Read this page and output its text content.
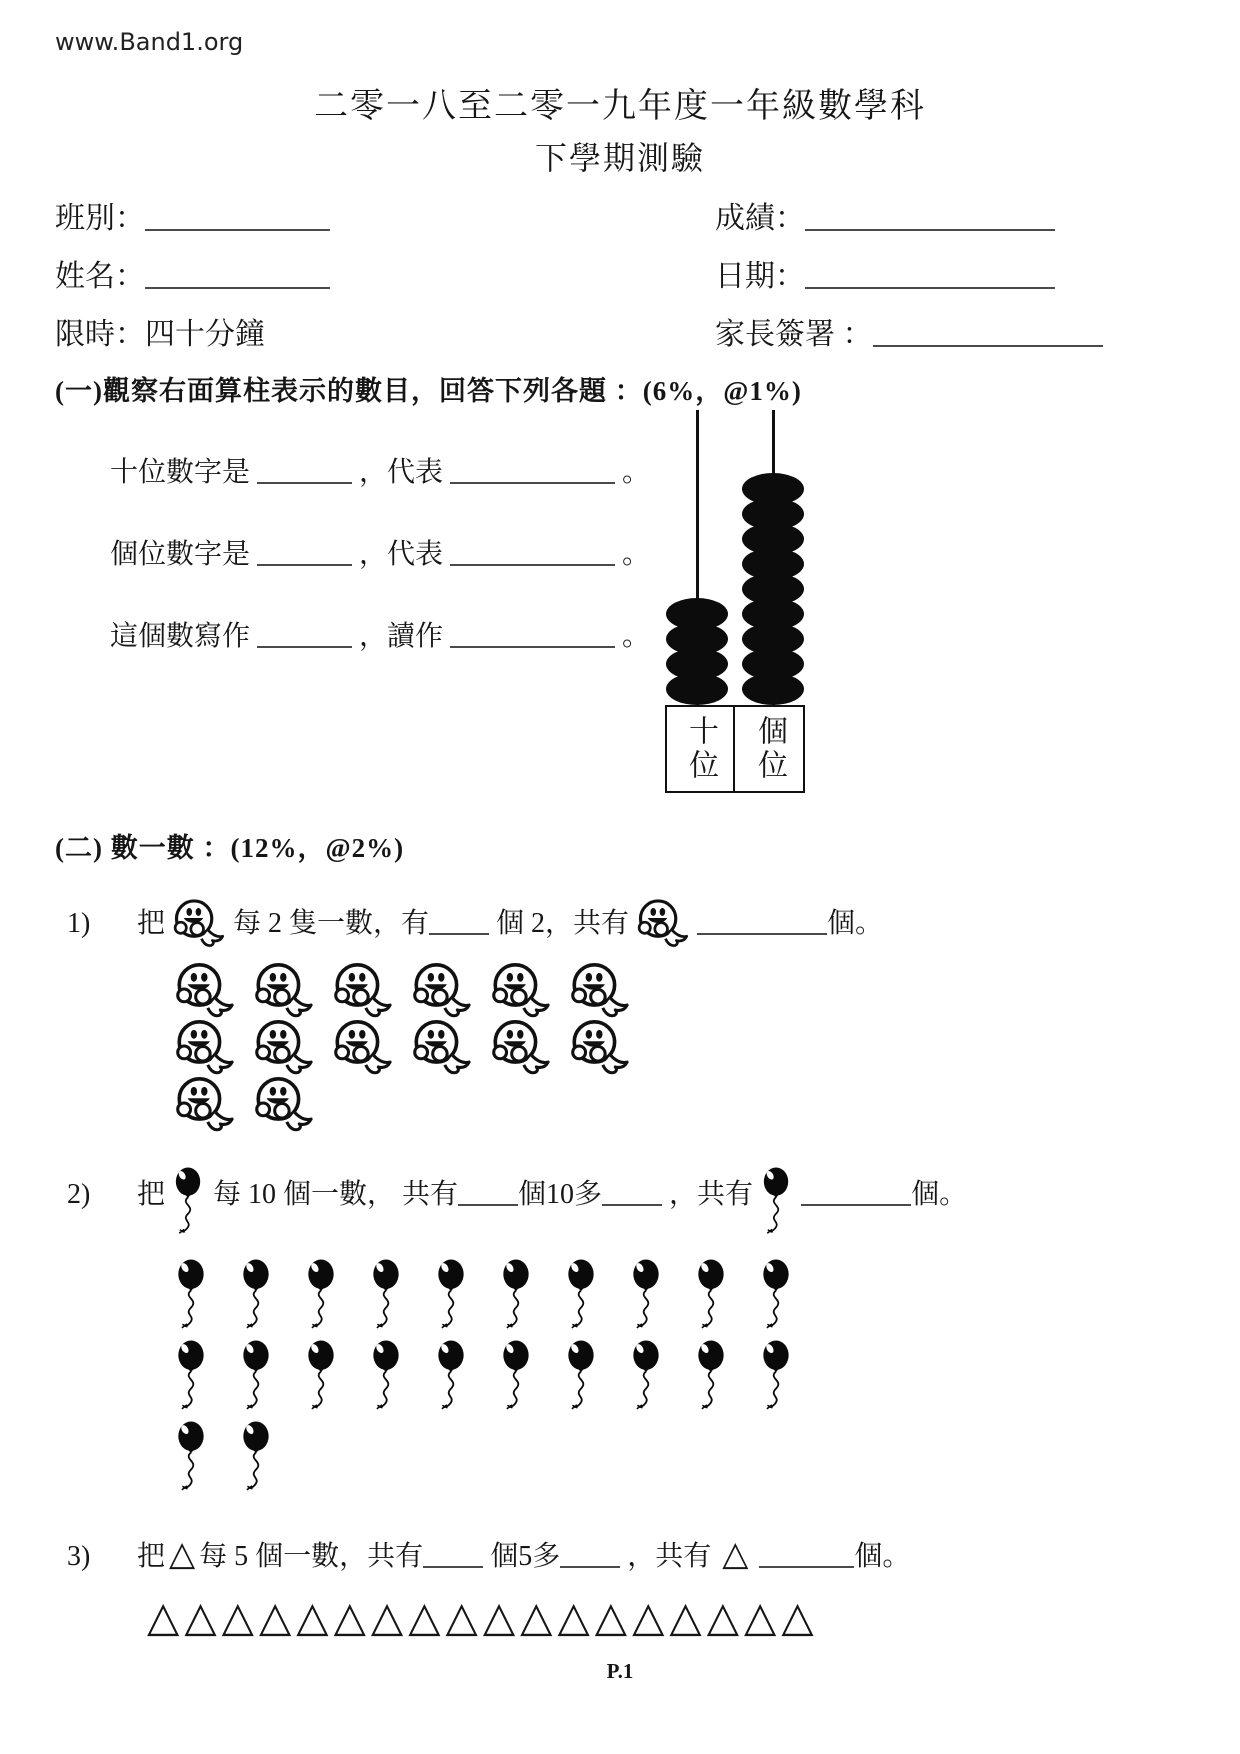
www.Band1.org
二零一八至二零一九年度一年級數學科
下學期測驗
班別：	成績：
姓名：	日期：
限時：四十分鐘	家長簽署 ：
(一)觀察右面算柱表示的數目，回答下列各題 ：(6%，@1%)
十位數字是	，代表	。
個位數字是	，代表	。
這個數寫作	，讀作	。
十位	個位
(二) 數一數 ：(12%，@2%)
1) 把 每 2 隻一數，有 個 2，共有	個。
2) 把 每 10 個一數， 共有 個10多 ，共有	個。
3) 把 △ 每 5 個一數，共有 個5多 ，共有 △	個。
△ △ △ △ △ △ △ △ △ △ △ △ △ △ △ △ △ △
P.1
